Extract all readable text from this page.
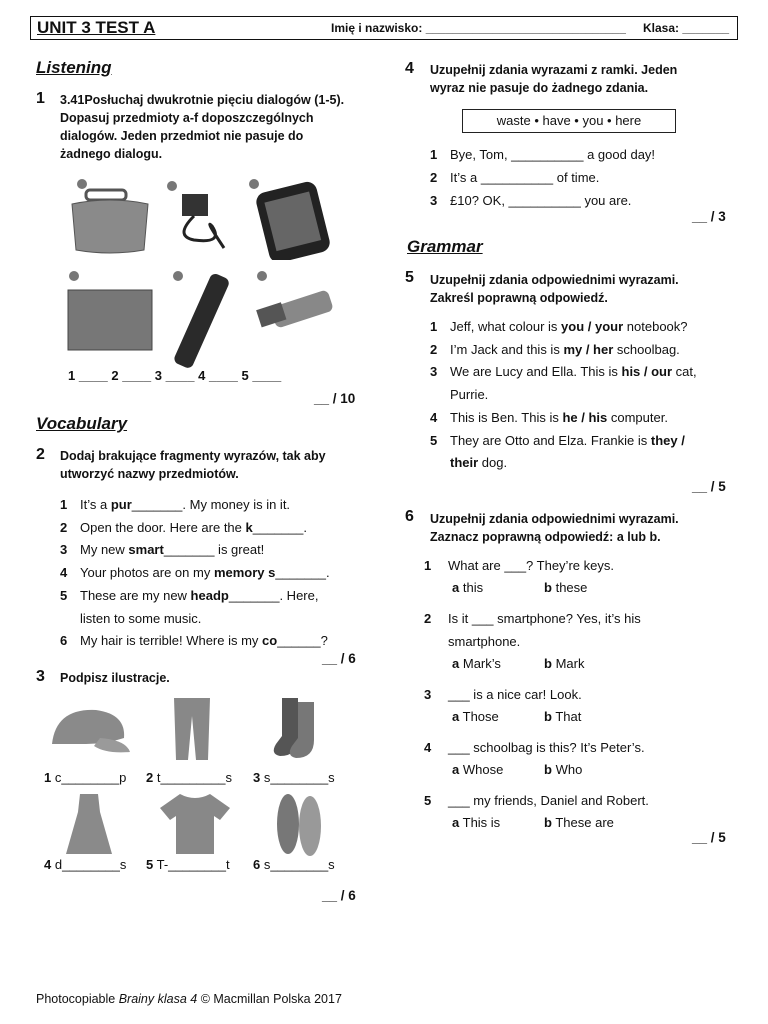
UNIT 3 TEST A	Imię i nazwisko: ______________________________ Klasa: _______
Listening
1 3.41Posłuchaj dwukrotnie pięciu dialogów (1-5).
Dopasuj przedmioty a-f doposzczególnych
dialogów. Jeden przedmiot nie pasuje do
żadnego dialogu.
1 ____ 2 ____ 3 ____ 4 ____ 5 ____
__ / 10
Vocabulary
2 Dodaj brakujące fragmenty wyrazów, tak aby
utworzyć nazwy przedmiotów.
1 It’s a pur_______. My money is in it.
2 Open the door. Here are the k_______.
3 My new smart_______ is great!
4 Your photos are on my memory s_______.
5 These are my new headp_______. Here,
listen to some music.
6 My hair is terrible! Where is my co______?
__ / 6
3 Podpisz ilustracje.
1 c________p 2 t_________s 3 s________s
4 d________s 5 T-________t 6 s________s
__ / 6
4 Uzupełnij zdania wyrazami z ramki. Jeden
wyraz nie pasuje do żadnego zdania.
waste • have • you • here
1 Bye, Tom, __________ a good day!
2 It’s a __________ of time.
3 £10? OK, __________ you are.
__ / 3
Grammar
5 Uzupełnij zdania odpowiednimi wyrazami.
Zakreśl poprawną odpowiedź.
1 Jeff, what colour is you / your notebook?
2 I’m Jack and this is my / her schoolbag.
3 We are Lucy and Ella. This is his / our cat,
Purrie.
4 This is Ben. This is he / his computer.
5 They are Otto and Elza. Frankie is they /
their dog.
__ / 5
6 Uzupełnij zdania odpowiednimi wyrazami.
Zaznacz poprawną odpowiedź: a lub b.
1 What are ___? They’re keys.
a this	b these
2 Is it ___ smartphone? Yes, it’s his
smartphone.
a Mark’s	b Mark
3 ___ is a nice car! Look.
a Those	b That
4 ___ schoolbag is this? It’s Peter’s.
a Whose	b Who
5 ___ my friends, Daniel and Robert.
a This is	b These are
__ / 5
Photocopiable Brainy klasa 4 © Macmillan Polska 2017
